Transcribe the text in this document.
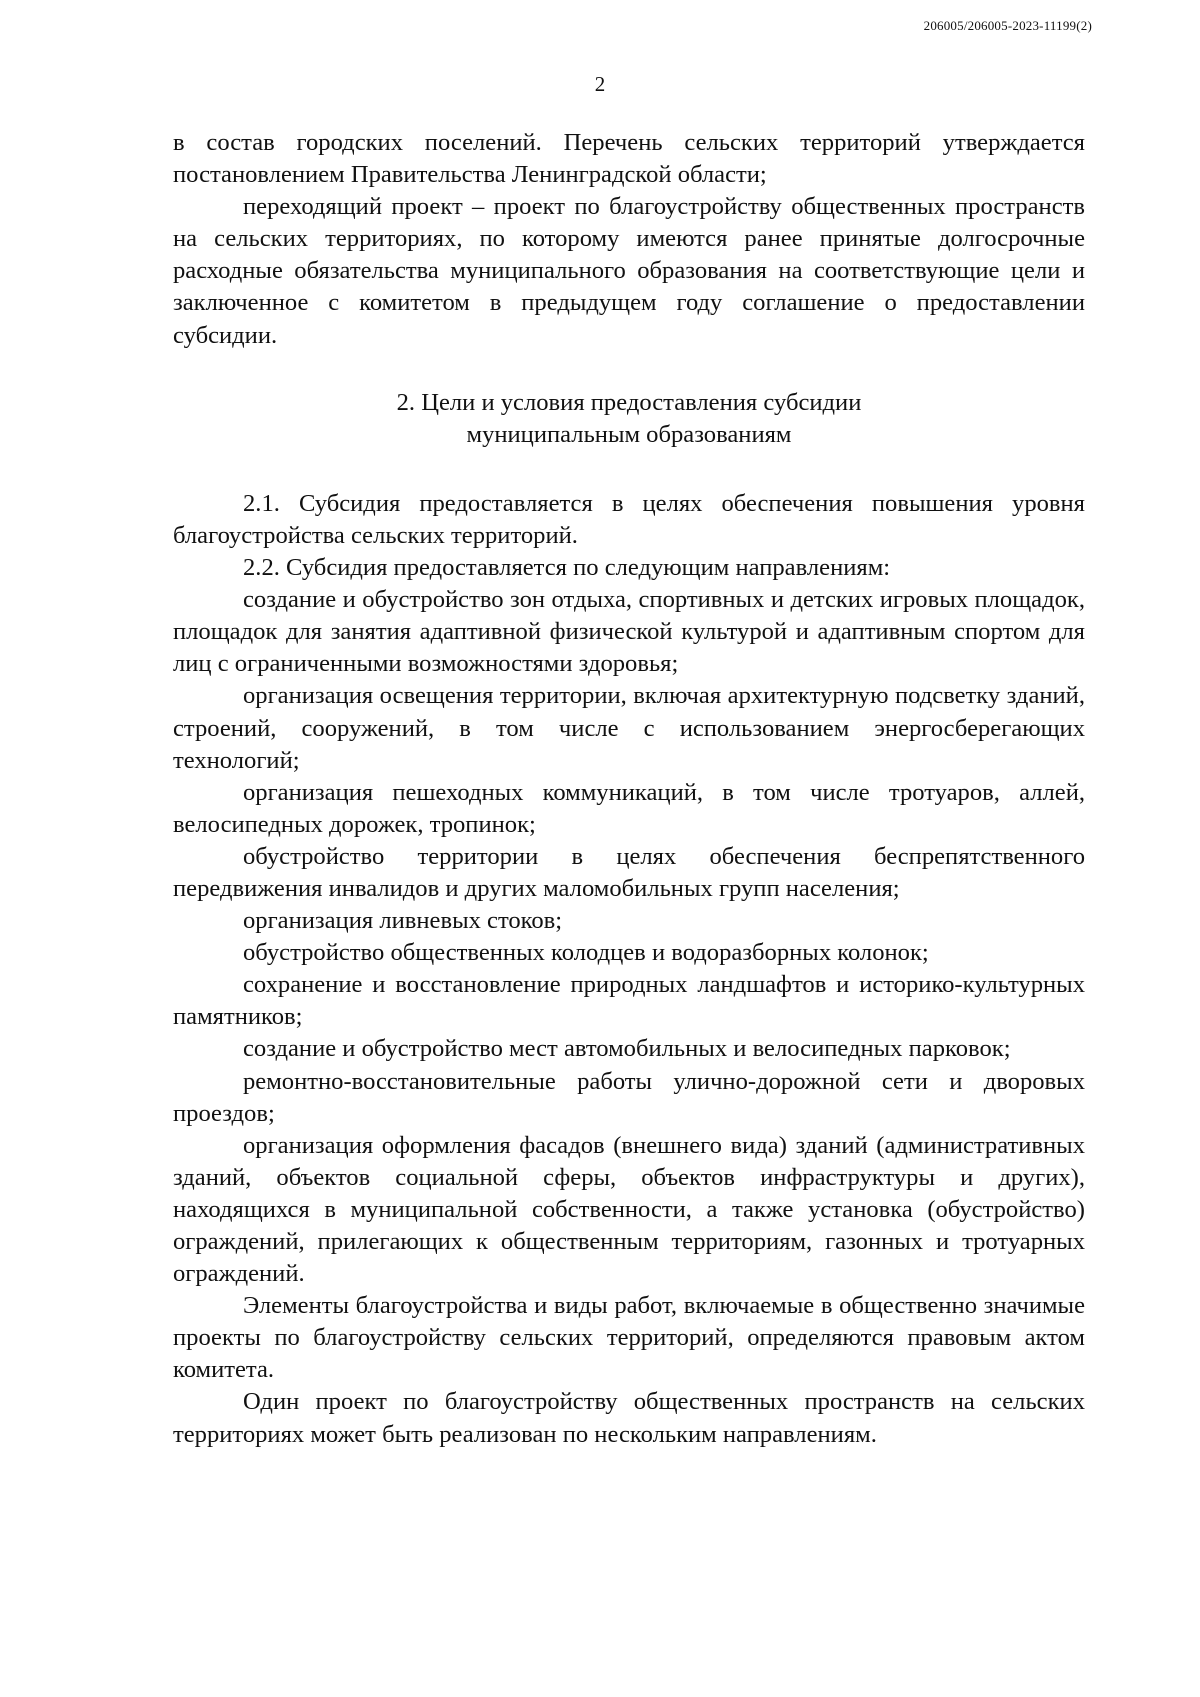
206005/206005-2023-11199(2)
2

в состав городских поселений. Перечень сельских территорий утверждается постановлением Правительства Ленинградской области;

переходящий проект – проект по благоустройству общественных пространств на сельских территориях, по которому имеются ранее принятые долгосрочные расходные обязательства муниципального образования на соответствующие цели и заключенное с комитетом в предыдущем году соглашение о предоставлении субсидии.

2. Цели и условия предоставления субсидии
муниципальным образованиям

2.1. Субсидия предоставляется в целях обеспечения повышения уровня благоустройства сельских территорий.

2.2. Субсидия предоставляется по следующим направлениям:

создание и обустройство зон отдыха, спортивных и детских игровых площадок, площадок для занятия адаптивной физической культурой и адаптивным спортом для лиц с ограниченными возможностями здоровья;

организация освещения территории, включая архитектурную подсветку зданий, строений, сооружений, в том числе с использованием энергосберегающих технологий;

организация пешеходных коммуникаций, в том числе тротуаров, аллей, велосипедных дорожек, тропинок;

обустройство территории в целях обеспечения беспрепятственного передвижения инвалидов и других маломобильных групп населения;

организация ливневых стоков;

обустройство общественных колодцев и водоразборных колонок;

сохранение и восстановление природных ландшафтов и историко-культурных памятников;

создание и обустройство мест автомобильных и велосипедных парковок;

ремонтно-восстановительные работы улично-дорожной сети и дворовых проездов;

организация оформления фасадов (внешнего вида) зданий (административных зданий, объектов социальной сферы, объектов инфраструктуры и других), находящихся в муниципальной собственности, а также установка (обустройство) ограждений, прилегающих к общественным территориям, газонных и тротуарных ограждений.

Элементы благоустройства и виды работ, включаемые в общественно значимые проекты по благоустройству сельских территорий, определяются правовым актом комитета.

Один проект по благоустройству общественных пространств на сельских территориях может быть реализован по нескольким направлениям.
